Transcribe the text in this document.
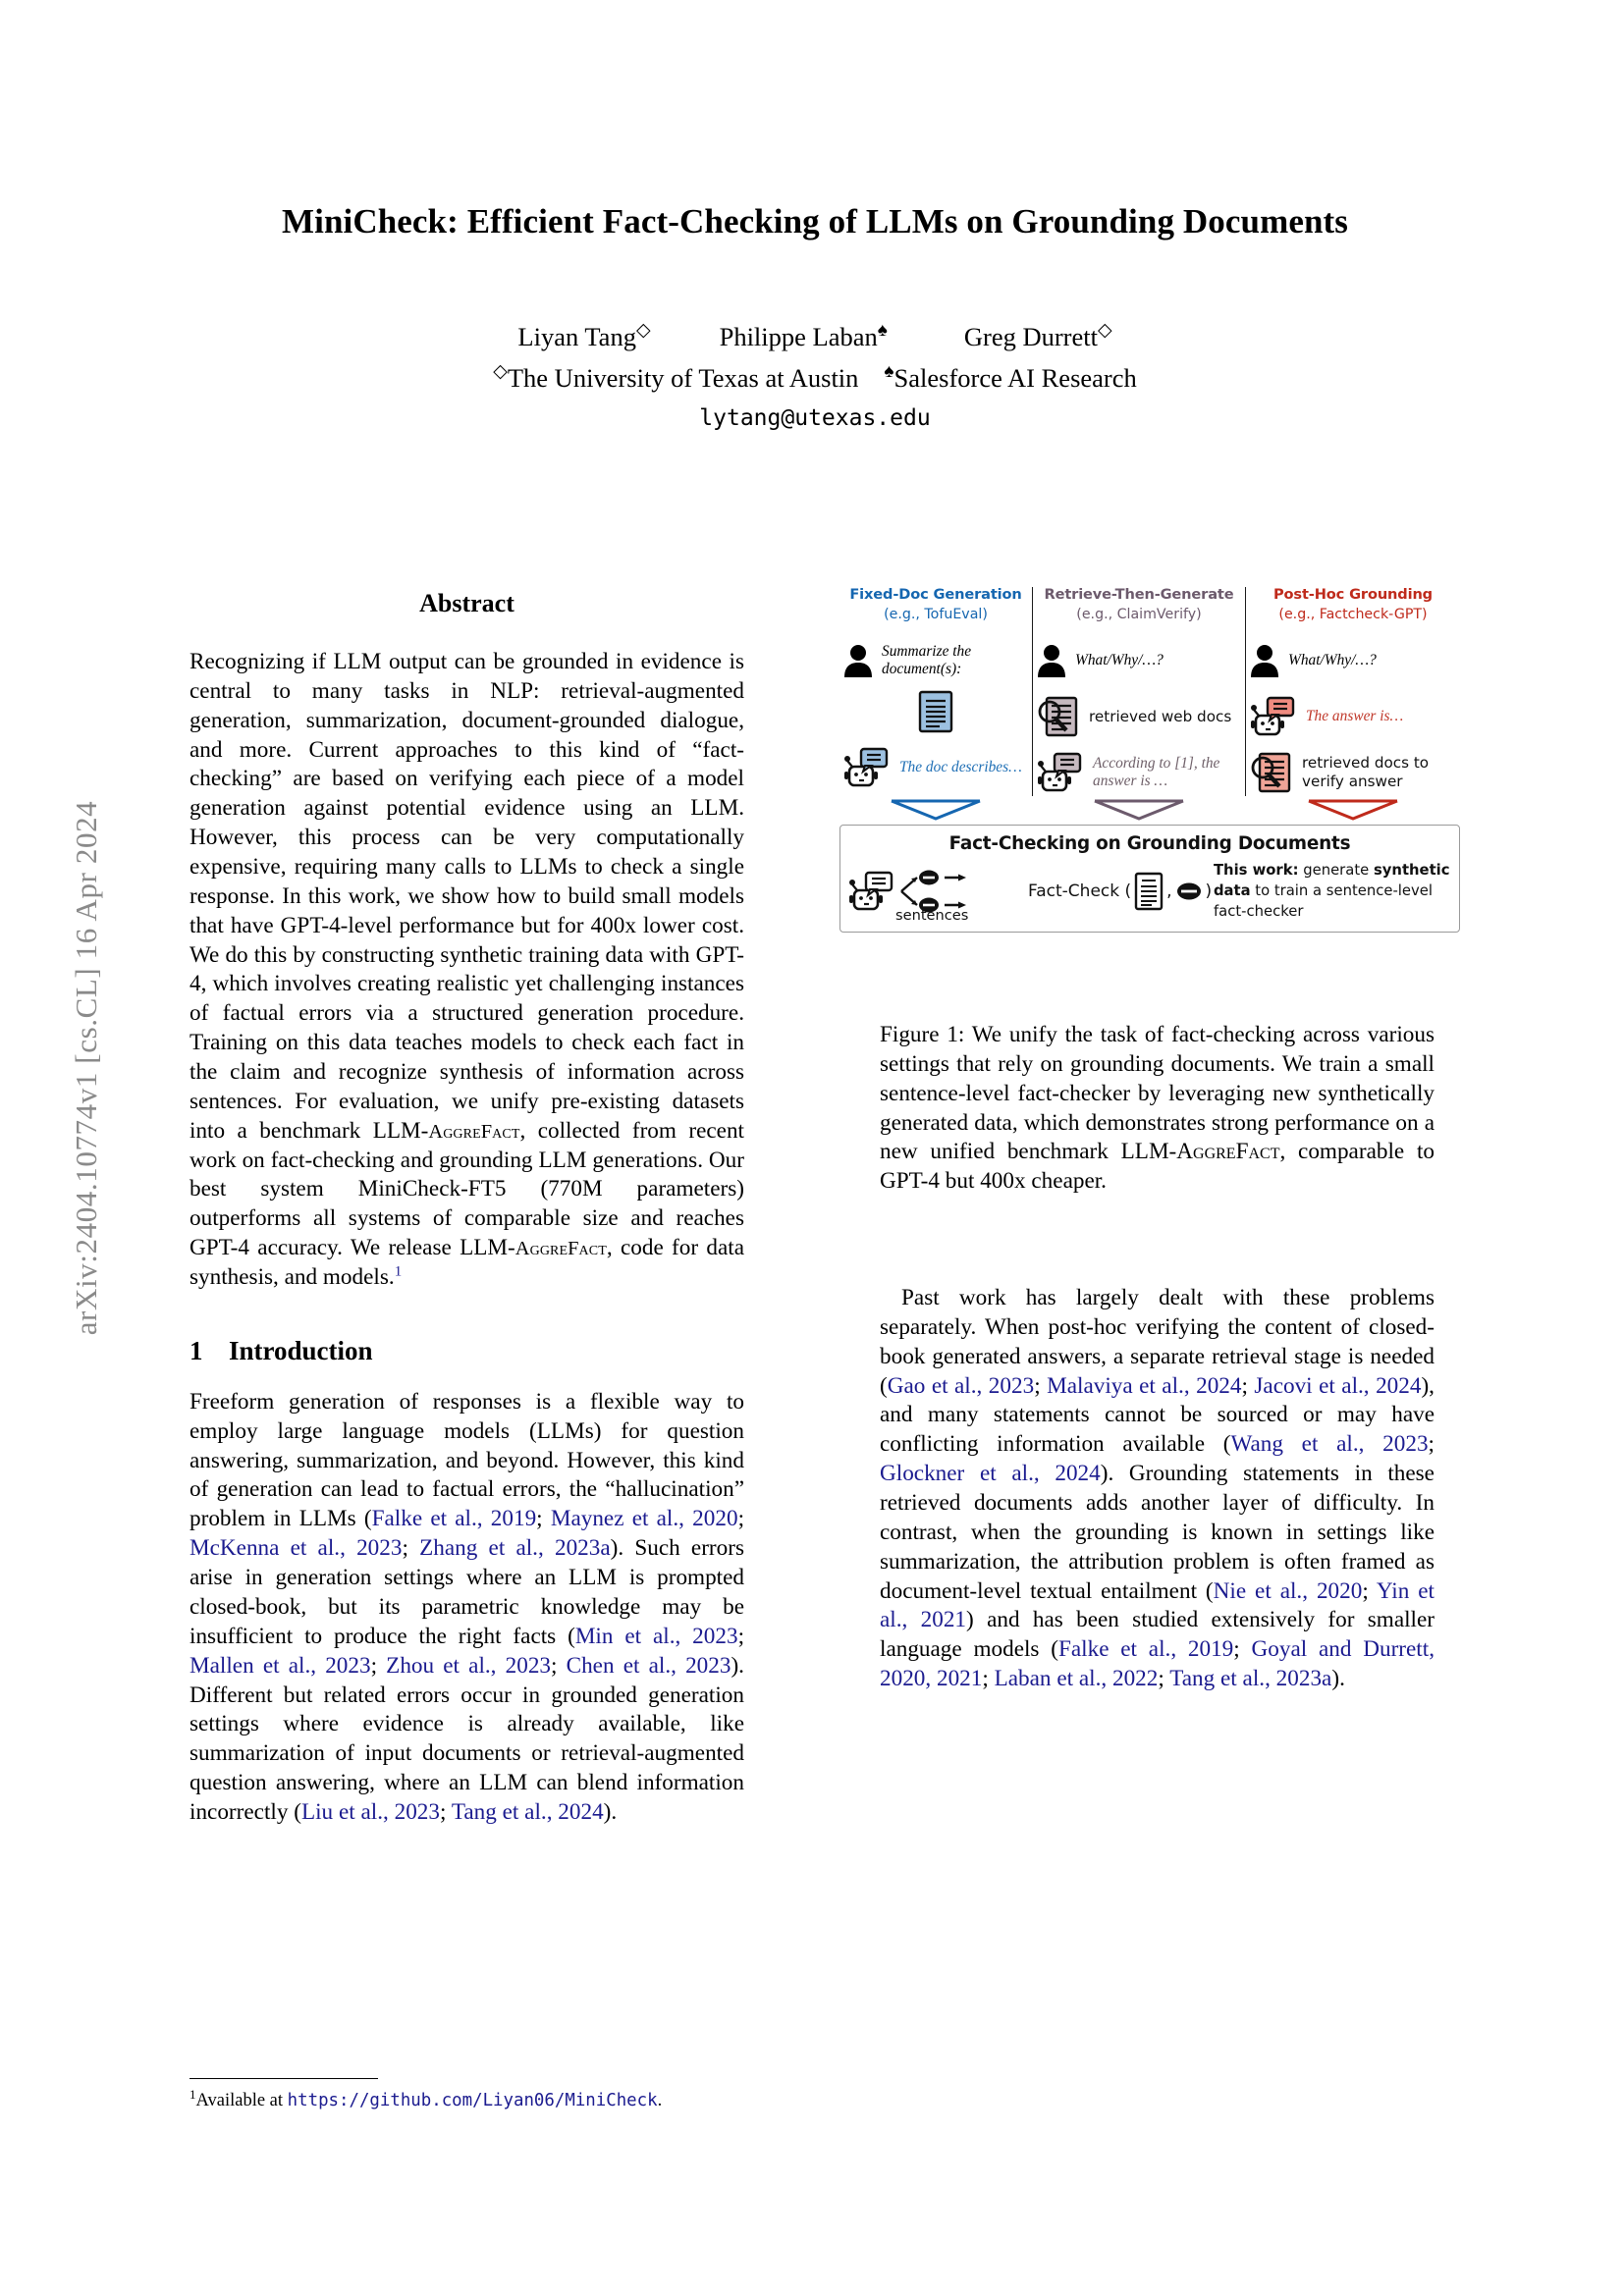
arXiv:2404.10774v1 [cs.CL] 16 Apr 2024
MiniCheck: Efficient Fact-Checking of LLMs on Grounding Documents
Liyan Tang◇	Philippe Laban♠	Greg Durrett◇
◇The University of Texas at Austin ♠Salesforce AI Research
lytang@utexas.edu
Abstract
Recognizing if LLM output can be grounded in evidence is central to many tasks in NLP: retrieval-augmented generation, summarization, document-grounded dialogue, and more. Current approaches to this kind of “fact-checking” are based on verifying each piece of a model generation against potential evidence using an LLM. However, this process can be very computationally expensive, requiring many calls to LLMs to check a single response. In this work, we show how to build small models that have GPT-4-level performance but for 400x lower cost. We do this by constructing synthetic training data with GPT-4, which involves creating realistic yet challenging instances of factual errors via a structured generation procedure. Training on this data teaches models to check each fact in the claim and recognize synthesis of information across sentences. For evaluation, we unify pre-existing datasets into a benchmark LLM-AggreFact, collected from recent work on fact-checking and grounding LLM generations. Our best system MiniCheck-FT5 (770M parameters) outperforms all systems of comparable size and reaches GPT-4 accuracy. We release LLM-AggreFact, code for data synthesis, and models.$^1$
1 Introduction

Freeform generation of responses is a flexible way to employ large language models (LLMs) for question answering, summarization, and beyond. However, this kind of generation can lead to factual errors, the “hallucination” problem in LLMs (Falke et al., 2019; Maynez et al., 2020; McKenna et al., 2023; Zhang et al., 2023a). Such errors arise in generation settings where an LLM is prompted closed-book, but its parametric knowledge may be insufficient to produce the right facts (Min et al., 2023; Mallen et al., 2023; Zhou et al., 2023; Chen et al., 2023). Different but related errors occur in grounded generation settings where evidence is already available, like summarization of input documents or retrieval-augmented question answering, where an LLM can blend information incorrectly (Liu et al., 2023; Tang et al., 2024).

Past work has largely dealt with these problems separately. When post-hoc verifying the content of closed-book generated answers, a separate retrieval stage is needed (Gao et al., 2023; Malaviya et al., 2024; Jacovi et al., 2024), and many statements cannot be sourced or may have conflicting information available (Wang et al., 2023; Glockner et al., 2024). Grounding statements in these retrieved documents adds another layer of difficulty. In contrast, when the grounding is known in settings like summarization, the attribution problem is often framed as document-level textual entailment (Nie et al., 2020; Yin et al., 2021) and has been studied extensively for smaller language models (Falke et al., 2019; Goyal and Durrett, 2020, 2021; Laban et al., 2022; Tang et al., 2023a).

Fixed-Doc Generation
(e.g., TofuEval)
Summarize the document(s):
The doc describes…
Retrieve-Then-Generate
(e.g., ClaimVerify)
What/Why/…?
retrieved web docs
According to [1], the answer is …
Post-Hoc Grounding
(e.g., Factcheck-GPT)
What/Why/…?
The answer is…
retrieved docs to verify answer
Fact-Checking on Grounding Documents
sentences
Fact-Check ( , )
This work: generate synthetic data to train a sentence-level fact-checker
Figure 1: We unify the task of fact-checking across various settings that rely on grounding documents. We train a small sentence-level fact-checker by leveraging new synthetically generated data, which demonstrates strong performance on a new unified benchmark LLM-AggreFact, comparable to GPT-4 but 400x cheaper.
$^1$Available at https://github.com/Liyan06/MiniCheck.
